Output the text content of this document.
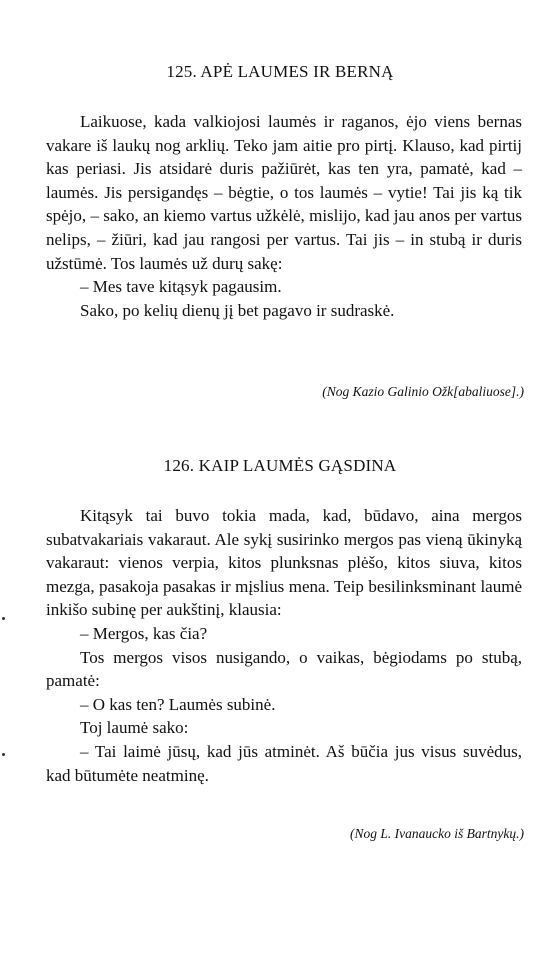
125. APĖ LAUMES IR BERNĄ

Laikuose, kada valkiojosi laumės ir raganos, ėjo viens bernas vakare iš laukų nog arklių. Teko jam aitie pro pirtį. Klauso, kad pirtij kas periasi. Jis atsidarė duris pažiūrėt, kas ten yra, pamatė, kad – laumės. Jis persigandęs – bėgtie, o tos laumės – vytie! Tai jis ką tik spėjo, – sako, an kiemo vartus užkėlė, mislijo, kad jau anos per vartus nelips, – žiūri, kad jau rangosi per vartus. Tai jis – in stubą ir duris užstūmė. Tos laumės už durų sakę:

– Mes tave kitąsyk pagausim.

Sako, po kelių dienų jį bet pagavo ir sudraskė.

(Nog Kazio Galinio Ožk[abaliuose].)
126. KAIP LAUMĖS GĄSDINA

Kitąsyk tai buvo tokia mada, kad, būdavo, aina mergos subatvakariais vakaraut. Ale sykį susirinko mergos pas vieną ūkinyką vakaraut: vienos verpia, kitos plunksnas plėšo, kitos siuva, kitos mezga, pasakoja pasakas ir mįslius mena. Teip besilinksminant laumė inkišo subinę per aukštinį, klausia:

– Mergos, kas čia?

Tos mergos visos nusigando, o vaikas, bėgiodams po stubą, pamatė:

– O kas ten? Laumės subinė.

Toj laumė sako:

– Tai laimė jūsų, kad jūs atminėt. Aš būčia jus visus suvėdus, kad būtumėte neatminę.

(Nog L. Ivanaucko iš Bartnykų.)
